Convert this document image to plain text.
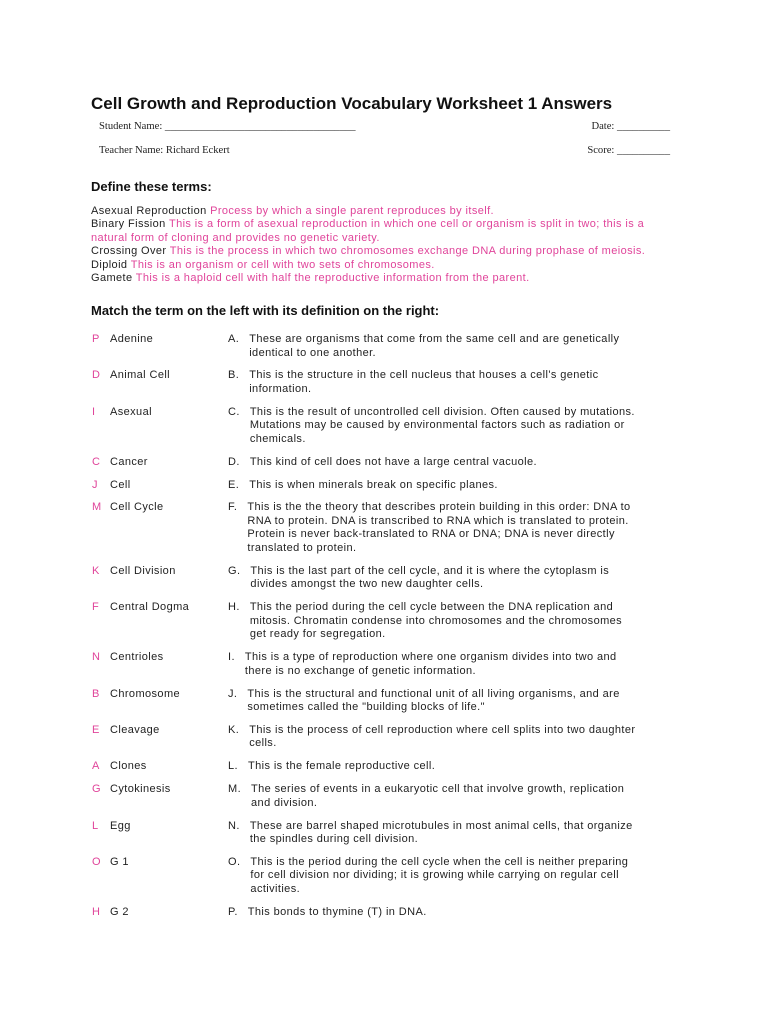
Cell Growth and Reproduction Vocabulary Worksheet 1 Answers
Student Name: ____________________________________	Date: __________
Teacher Name: Richard Eckert	Score: __________
Define these terms:
Asexual Reproduction Process by which a single parent reproduces by itself.
Binary Fission This is a form of asexual reproduction in which one cell or organism is split in two; this is a
natural form of cloning and provides no genetic variety.
Crossing Over This is the process in which two chromosomes exchange DNA during prophase of meiosis.
Diploid This is an organism or cell with two sets of chromosomes.
Gamete This is a haploid cell with half the reproductive information from the parent.
Match the term on the left with its definition on the right:
P Adenine	A. These are organisms that come from the same cell and are genetically
identical to one another.
D Animal Cell	B. This is the structure in the cell nucleus that houses a cell's genetic
information.
I	Asexual	C. This is the result of uncontrolled cell division. Often caused by mutations.
Mutations may be caused by environmental factors such as radiation or
chemicals.
C Cancer	D. This kind of cell does not have a large central vacuole.
J	Cell	E. This is when minerals break on specific planes.
M Cell Cycle	F. This is the the theory that describes protein building in this order: DNA to
RNA to protein. DNA is transcribed to RNA which is translated to protein.
Protein is never back-translated to RNA or DNA; DNA is never directly
translated to protein.
K Cell Division	G. This is the last part of the cell cycle, and it is where the cytoplasm is
divides amongst the two new daughter cells.
F Central Dogma	H. This the period during the cell cycle between the DNA replication and
mitosis. Chromatin condense into chromosomes and the chromosomes
get ready for segregation.
N Centrioles	I. This is a type of reproduction where one organism divides into two and
there is no exchange of genetic information.
B Chromosome	J. This is the structural and functional unit of all living organisms, and are
sometimes called the "building blocks of life."
E Cleavage	K. This is the process of cell reproduction where cell splits into two daughter
cells.
A Clones	L. This is the female reproductive cell.
G Cytokinesis	M. The series of events in a eukaryotic cell that involve growth, replication
and division.
L	Egg	N. These are barrel shaped microtubules in most animal cells, that organize
the spindles during cell division.
O G 1	O. This is the period during the cell cycle when the cell is neither preparing
for cell division nor dividing; it is growing while carrying on regular cell
activities.
H G 2	P. This bonds to thymine (T) in DNA.
